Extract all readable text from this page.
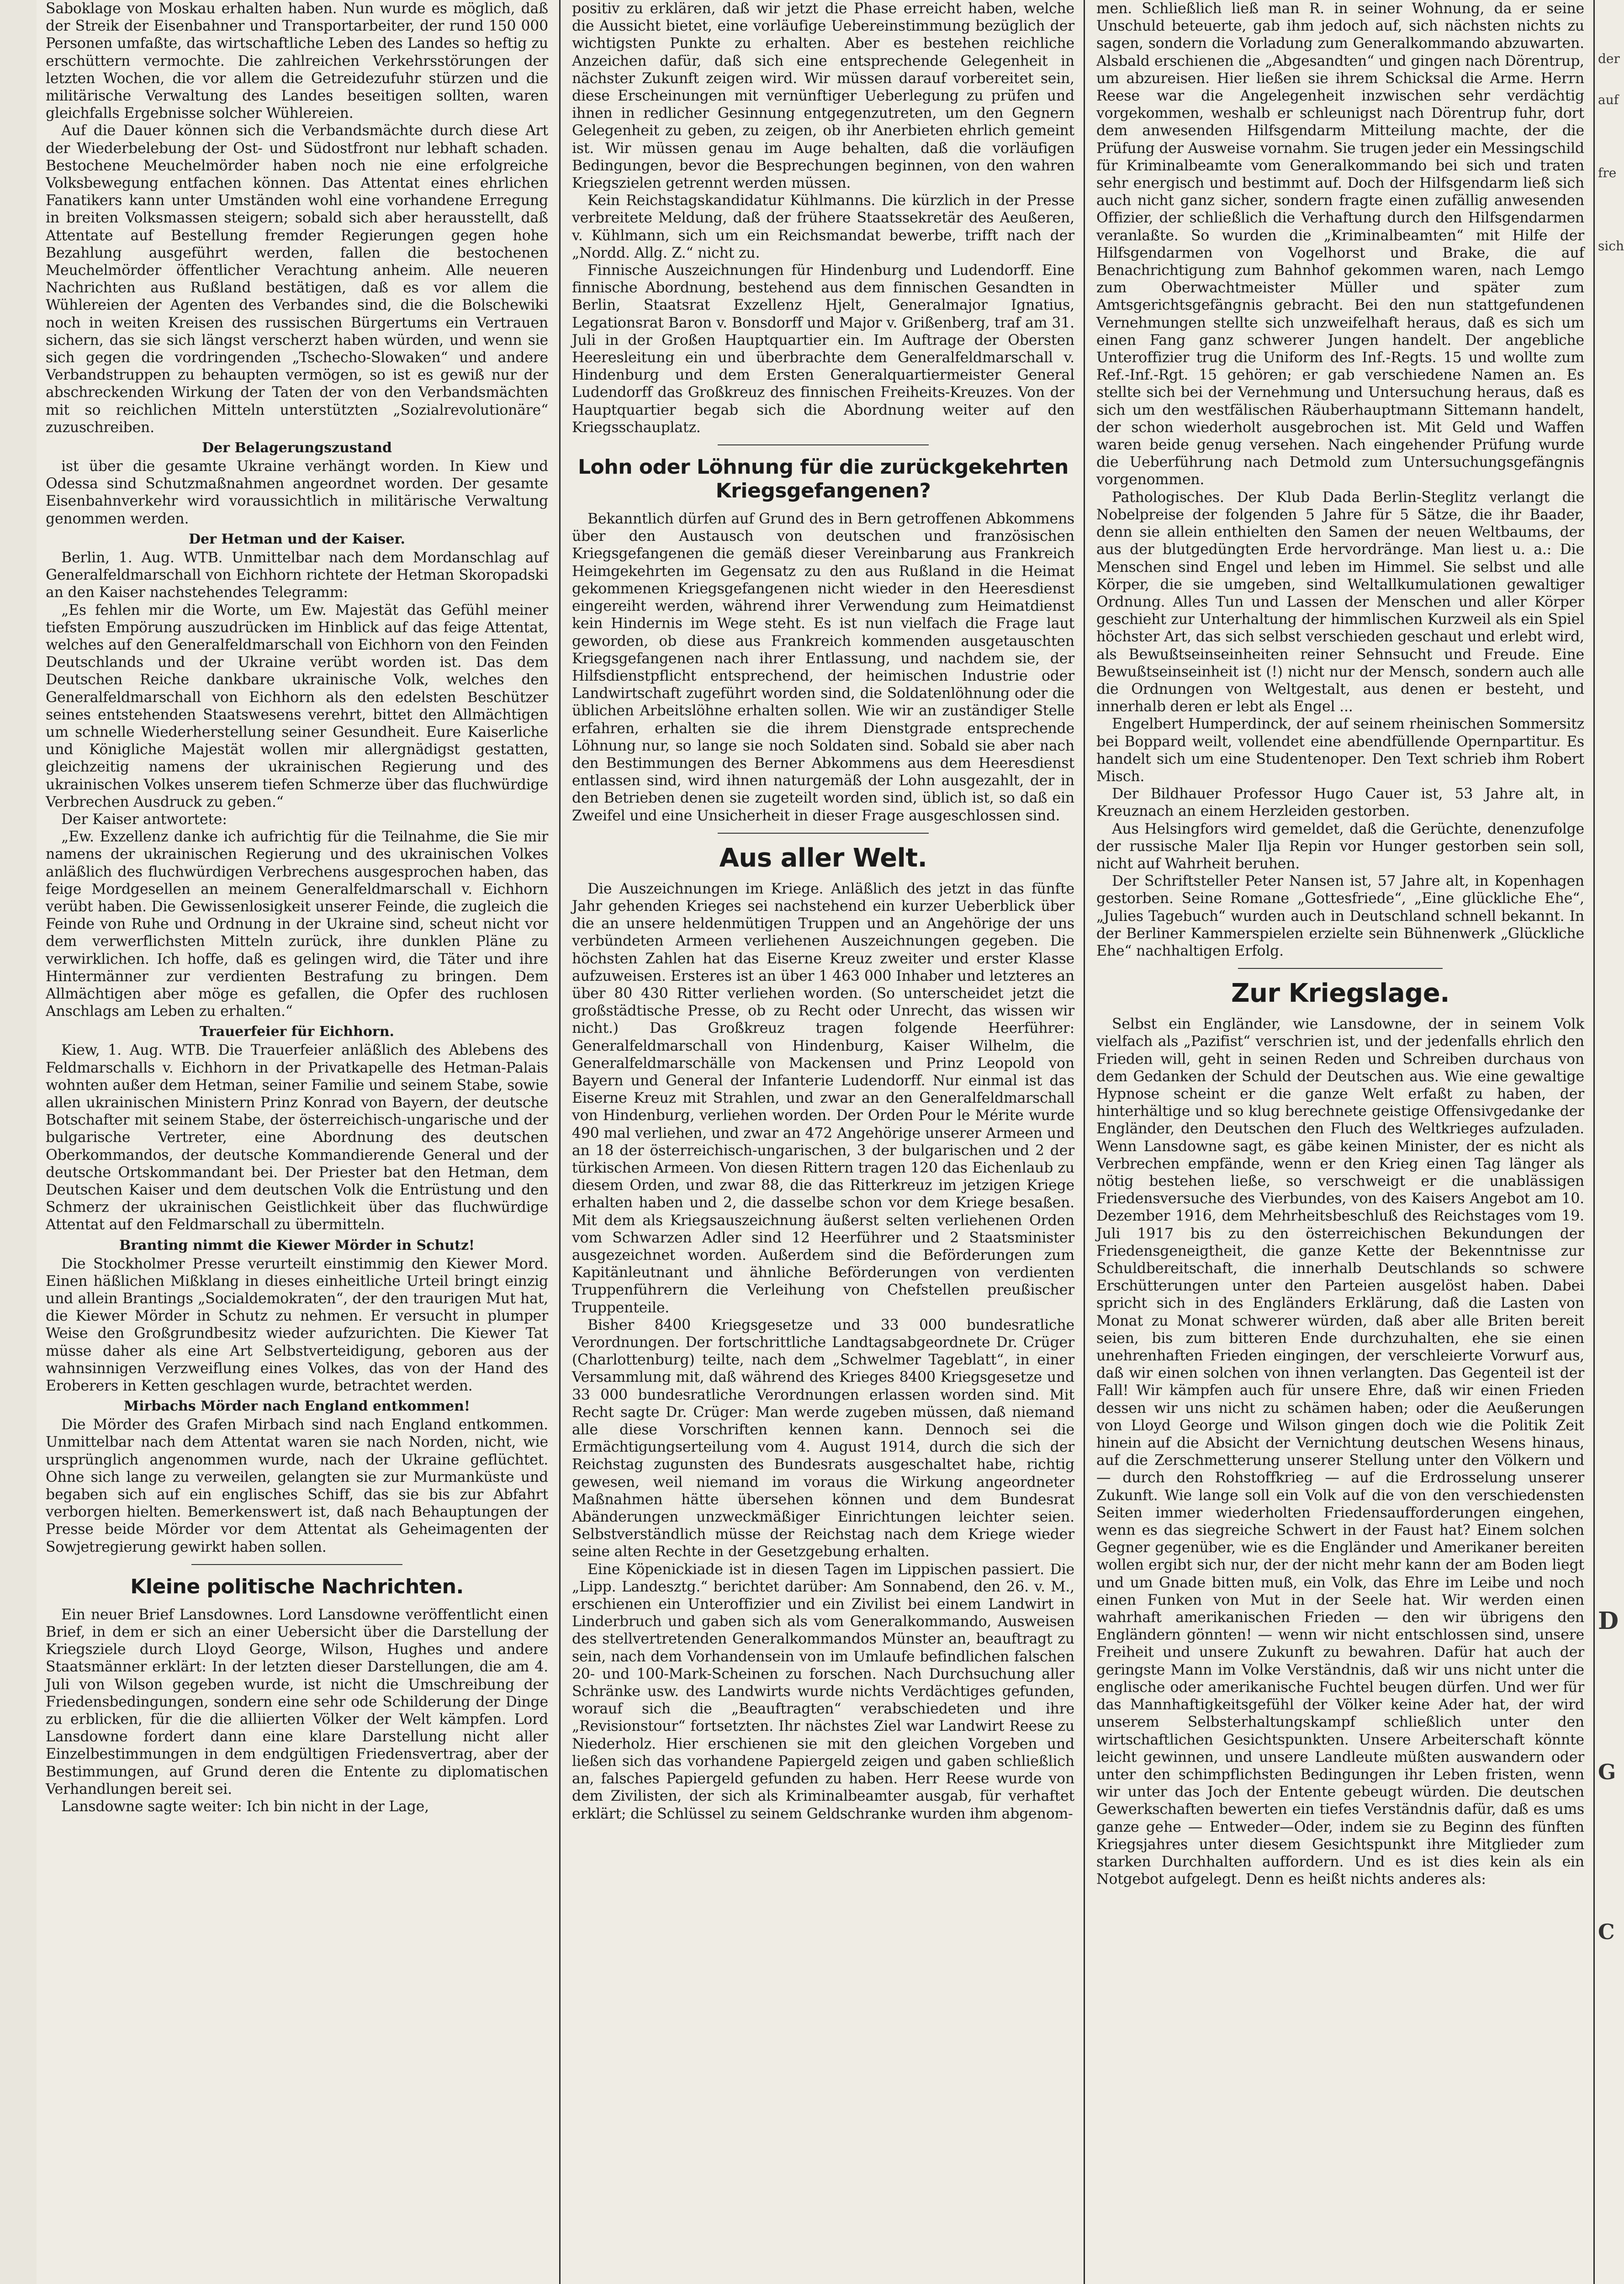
Saboklage von Moskau erhalten haben. Nun wurde es möglich, daß der Streik der Eisenbahner und Transportarbeiter, der rund 150 000 Personen umfaßte, das wirtschaftliche Leben des Landes so heftig zu erschüttern vermochte. Die zahlreichen Verkehrsstörungen der letzten Wochen, die vor allem die Getreidezufuhr stürzen und die militärische Verwaltung des Landes beseitigen sollten, waren gleichfalls Ergebnisse solcher Wühlereien.

Auf die Dauer können sich die Verbandsmächte durch diese Art der Wiederbelebung der Ost- und Südostfront nur lebhaft schaden. Bestochene Meuchelmörder haben noch nie eine erfolgreiche Volksbewegung entfachen können. Das Attentat eines ehrlichen Fanatikers kann unter Umständen wohl eine vorhandene Erregung in breiten Volksmassen steigern; sobald sich aber herausstellt, daß Attentate auf Bestellung fremder Regierungen gegen hohe Bezahlung ausgeführt werden, fallen die bestochenen Meuchelmörder öffentlicher Verachtung anheim. Alle neueren Nachrichten aus Rußland bestätigen, daß es vor allem die Wühlereien der Agenten des Verbandes sind, die die Bolschewiki noch in weiten Kreisen des russischen Bürgertums ein Vertrauen sichern, das sie sich längst verscherzt haben würden, und wenn sie sich gegen die vordringenden „Tschecho-Slowaken“ und andere Verbandstruppen zu behaupten vermögen, so ist es gewiß nur der abschreckenden Wirkung der Taten der von den Verbandsmächten mit so reichlichen Mitteln unterstützten „Sozialrevolutionäre“ zuzuschreiben.

Der Belagerungszustand

ist über die gesamte Ukraine verhängt worden. In Kiew und Odessa sind Schutzmaßnahmen angeordnet worden. Der gesamte Eisenbahnverkehr wird voraussichtlich in militärische Verwaltung genommen werden.

Der Hetman und der Kaiser.

Berlin, 1. Aug. WTB. Unmittelbar nach dem Mordanschlag auf Generalfeldmarschall von Eichhorn richtete der Hetman Skoropadski an den Kaiser nachstehendes Telegramm:

„Es fehlen mir die Worte, um Ew. Majestät das Gefühl meiner tiefsten Empörung auszudrücken im Hinblick auf das feige Attentat, welches auf den Generalfeldmarschall von Eichhorn von den Feinden Deutschlands und der Ukraine verübt worden ist. Das dem Deutschen Reiche dankbare ukrainische Volk, welches den Generalfeldmarschall von Eichhorn als den edelsten Beschützer seines entstehenden Staatswesens verehrt, bittet den Allmächtigen um schnelle Wiederherstellung seiner Gesundheit. Eure Kaiserliche und Königliche Majestät wollen mir allergnädigst gestatten, gleichzeitig namens der ukrainischen Regierung und des ukrainischen Volkes unserem tiefen Schmerze über das fluchwürdige Verbrechen Ausdruck zu geben.“

Der Kaiser antwortete:

„Ew. Exzellenz danke ich aufrichtig für die Teilnahme, die Sie mir namens der ukrainischen Regierung und des ukrainischen Volkes anläßlich des fluchwürdigen Verbrechens ausgesprochen haben, das feige Mordgesellen an meinem Generalfeldmarschall v. Eichhorn verübt haben. Die Gewissenlosigkeit unserer Feinde, die zugleich die Feinde von Ruhe und Ordnung in der Ukraine sind, scheut nicht vor dem verwerflichsten Mitteln zurück, ihre dunklen Pläne zu verwirklichen. Ich hoffe, daß es gelingen wird, die Täter und ihre Hintermänner zur verdienten Bestrafung zu bringen. Dem Allmächtigen aber möge es gefallen, die Opfer des ruchlosen Anschlags am Leben zu erhalten.“

Trauerfeier für Eichhorn.

Kiew, 1. Aug. WTB. Die Trauerfeier anläßlich des Ablebens des Feldmarschalls v. Eichhorn in der Privatkapelle des Hetman-Palais wohnten außer dem Hetman, seiner Familie und seinem Stabe, sowie allen ukrainischen Ministern Prinz Konrad von Bayern, der deutsche Botschafter mit seinem Stabe, der österreichisch-ungarische und der bulgarische Vertreter, eine Abordnung des deutschen Oberkommandos, der deutsche Kommandierende General und der deutsche Ortskommandant bei. Der Priester bat den Hetman, dem Deutschen Kaiser und dem deutschen Volk die Entrüstung und den Schmerz der ukrainischen Geistlichkeit über das fluchwürdige Attentat auf den Feldmarschall zu übermitteln.

Branting nimmt die Kiewer Mörder in Schutz!

Die Stockholmer Presse verurteilt einstimmig den Kiewer Mord. Einen häßlichen Mißklang in dieses einheitliche Urteil bringt einzig und allein Brantings „Socialdemokraten“, der den traurigen Mut hat, die Kiewer Mörder in Schutz zu nehmen. Er versucht in plumper Weise den Großgrundbesitz wieder aufzurichten. Die Kiewer Tat müsse daher als eine Art Selbstverteidigung, geboren aus der wahnsinnigen Verzweiflung eines Volkes, das von der Hand des Eroberers in Ketten geschlagen wurde, betrachtet werden.

Mirbachs Mörder nach England entkommen!

Die Mörder des Grafen Mirbach sind nach England entkommen. Unmittelbar nach dem Attentat waren sie nach Norden, nicht, wie ursprünglich angenommen wurde, nach der Ukraine geflüchtet. Ohne sich lange zu verweilen, gelangten sie zur Murmanküste und begaben sich auf ein englisches Schiff, das sie bis zur Abfahrt verborgen hielten. Bemerkenswert ist, daß nach Behauptungen der Presse beide Mörder vor dem Attentat als Geheimagenten der Sowjetregierung gewirkt haben sollen.

Kleine politische Nachrichten.

Ein neuer Brief Lansdownes. Lord Lansdowne veröffentlicht einen Brief, in dem er sich an einer Uebersicht über die Darstellung der Kriegsziele durch Lloyd George, Wilson, Hughes und andere Staatsmänner erklärt: In der letzten dieser Darstellungen, die am 4. Juli von Wilson gegeben wurde, ist nicht die Umschreibung der Friedensbedingungen, sondern eine sehr ode Schilderung der Dinge zu erblicken, für die die alliierten Völker der Welt kämpfen. Lord Lansdowne fordert dann eine klare Darstellung nicht aller Einzelbestimmungen in dem endgültigen Friedensvertrag, aber der Bestimmungen, auf Grund deren die Entente zu diplomatischen Verhandlungen bereit sei.

Lansdowne sagte weiter: Ich bin nicht in der Lage,

positiv zu erklären, daß wir jetzt die Phase erreicht haben, welche die Aussicht bietet, eine vorläufige Uebereinstimmung bezüglich der wichtigsten Punkte zu erhalten. Aber es bestehen reichliche Anzeichen dafür, daß sich eine entsprechende Gelegenheit in nächster Zukunft zeigen wird. Wir müssen darauf vorbereitet sein, diese Erscheinungen mit vernünftiger Ueberlegung zu prüfen und ihnen in redlicher Gesinnung entgegenzutreten, um den Gegnern Gelegenheit zu geben, zu zeigen, ob ihr Anerbieten ehrlich gemeint ist. Wir müssen genau im Auge behalten, daß die vorläufigen Bedingungen, bevor die Besprechungen beginnen, von den wahren Kriegszielen getrennt werden müssen.

Kein Reichstagskandidatur Kühlmanns. Die kürzlich in der Presse verbreitete Meldung, daß der frühere Staatssekretär des Aeußeren, v. Kühlmann, sich um ein Reichsmandat bewerbe, trifft nach der „Nordd. Allg. Z.“ nicht zu.

Finnische Auszeichnungen für Hindenburg und Ludendorff. Eine finnische Abordnung, bestehend aus dem finnischen Gesandten in Berlin, Staatsrat Exzellenz Hjelt, Generalmajor Ignatius, Legationsrat Baron v. Bonsdorff und Major v. Grißenberg, traf am 31. Juli in der Großen Hauptquartier ein. Im Auftrage der Obersten Heeresleitung ein und überbrachte dem Generalfeldmarschall v. Hindenburg und dem Ersten Generalquartiermeister General Ludendorff das Großkreuz des finnischen Freiheits-Kreuzes. Von der Hauptquartier begab sich die Abordnung weiter auf den Kriegsschauplatz.

Lohn oder Löhnung für die zurückgekehrten Kriegsgefangenen?

Bekanntlich dürfen auf Grund des in Bern getroffenen Abkommens über den Austausch von deutschen und französischen Kriegsgefangenen die gemäß dieser Vereinbarung aus Frankreich Heimgekehrten im Gegensatz zu den aus Rußland in die Heimat gekommenen Kriegsgefangenen nicht wieder in den Heeresdienst eingereiht werden, während ihrer Verwendung zum Heimatdienst kein Hindernis im Wege steht. Es ist nun vielfach die Frage laut geworden, ob diese aus Frankreich kommenden ausgetauschten Kriegsgefangenen nach ihrer Entlassung, und nachdem sie, der Hilfsdienstpflicht entsprechend, der heimischen Industrie oder Landwirtschaft zugeführt worden sind, die Soldatenlöhnung oder die üblichen Arbeitslöhne erhalten sollen. Wie wir an zuständiger Stelle erfahren, erhalten sie die ihrem Dienstgrade entsprechende Löhnung nur, so lange sie noch Soldaten sind. Sobald sie aber nach den Bestimmungen des Berner Abkommens aus dem Heeresdienst entlassen sind, wird ihnen naturgemäß der Lohn ausgezahlt, der in den Betrieben denen sie zugeteilt worden sind, üblich ist, so daß ein Zweifel und eine Unsicherheit in dieser Frage ausgeschlossen sind.

Aus aller Welt.

Die Auszeichnungen im Kriege. Anläßlich des jetzt in das fünfte Jahr gehenden Krieges sei nachstehend ein kurzer Ueberblick über die an unsere heldenmütigen Truppen und an Angehörige der uns verbündeten Armeen verliehenen Auszeichnungen gegeben. Die höchsten Zahlen hat das Eiserne Kreuz zweiter und erster Klasse aufzuweisen. Ersteres ist an über 1 463 000 Inhaber und letzteres an über 80 430 Ritter verliehen worden. (So unterscheidet jetzt die großstädtische Presse, ob zu Recht oder Unrecht, das wissen wir nicht.) Das Großkreuz tragen folgende Heerführer: Generalfeldmarschall von Hindenburg, Kaiser Wilhelm, die Generalfeldmarschälle von Mackensen und Prinz Leopold von Bayern und General der Infanterie Ludendorff. Nur einmal ist das Eiserne Kreuz mit Strahlen, und zwar an den Generalfeldmarschall von Hindenburg, verliehen worden. Der Orden Pour le Mérite wurde 490 mal verliehen, und zwar an 472 Angehörige unserer Armeen und an 18 der österreichisch-ungarischen, 3 der bulgarischen und 2 der türkischen Armeen. Von diesen Rittern tragen 120 das Eichenlaub zu diesem Orden, und zwar 88, die das Ritterkreuz im jetzigen Kriege erhalten haben und 2, die dasselbe schon vor dem Kriege besaßen. Mit dem als Kriegsauszeichnung äußerst selten verliehenen Orden vom Schwarzen Adler sind 12 Heerführer und 2 Staatsminister ausgezeichnet worden. Außerdem sind die Beförderungen zum Kapitänleutnant und ähnliche Beförderungen von verdienten Truppenführern die Verleihung von Chefstellen preußischer Truppenteile.

Bisher 8400 Kriegsgesetze und 33 000 bundesratliche Verordnungen. Der fortschrittliche Landtagsabgeordnete Dr. Crüger (Charlottenburg) teilte, nach dem „Schwelmer Tageblatt“, in einer Versammlung mit, daß während des Krieges 8400 Kriegsgesetze und 33 000 bundesratliche Verordnungen erlassen worden sind. Mit Recht sagte Dr. Crüger: Man werde zugeben müssen, daß niemand alle diese Vorschriften kennen kann. Dennoch sei die Ermächtigungserteilung vom 4. August 1914, durch die sich der Reichstag zugunsten des Bundesrats ausgeschaltet habe, richtig gewesen, weil niemand im voraus die Wirkung angeordneter Maßnahmen hätte übersehen können und dem Bundesrat Abänderungen unzweckmäßiger Einrichtungen leichter seien. Selbstverständlich müsse der Reichstag nach dem Kriege wieder seine alten Rechte in der Gesetzgebung erhalten.

Eine Köpenickiade ist in diesen Tagen im Lippischen passiert. Die „Lipp. Landesztg.“ berichtet darüber: Am Sonnabend, den 26. v. M., erschienen ein Unteroffizier und ein Zivilist bei einem Landwirt in Linderbruch und gaben sich als vom Generalkommando, Ausweisen des stellvertretenden Generalkommandos Münster an, beauftragt zu sein, nach dem Vorhandensein von im Umlaufe befindlichen falschen 20- und 100-Mark-Scheinen zu forschen. Nach Durchsuchung aller Schränke usw. des Landwirts wurde nichts Verdächtiges gefunden, worauf sich die „Beauftragten“ verabschiedeten und ihre „Revisionstour“ fortsetzten. Ihr nächstes Ziel war Landwirt Reese zu Niederholz. Hier erschienen sie mit den gleichen Vorgeben und ließen sich das vorhandene Papiergeld zeigen und gaben schließlich an, falsches Papiergeld gefunden zu haben. Herr Reese wurde von dem Zivilisten, der sich als Kriminalbeamter ausgab, für verhaftet erklärt; die Schlüssel zu seinem Geldschranke wurden ihm abgenom-

men. Schließlich ließ man R. in seiner Wohnung, da er seine Unschuld beteuerte, gab ihm jedoch auf, sich nächsten nichts zu sagen, sondern die Vorladung zum Generalkommando abzuwarten. Alsbald erschienen die „Abgesandten“ und gingen nach Dörentrup, um abzureisen. Hier ließen sie ihrem Schicksal die Arme. Herrn Reese war die Angelegenheit inzwischen sehr verdächtig vorgekommen, weshalb er schleunigst nach Dörentrup fuhr, dort dem anwesenden Hilfsgendarm Mitteilung machte, der die Prüfung der Ausweise vornahm. Sie trugen jeder ein Messingschild für Kriminalbeamte vom Generalkommando bei sich und traten sehr energisch und bestimmt auf. Doch der Hilfsgendarm ließ sich auch nicht ganz sicher, sondern fragte einen zufällig anwesenden Offizier, der schließlich die Verhaftung durch den Hilfsgendarmen veranlaßte. So wurden die „Kriminalbeamten“ mit Hilfe der Hilfsgendarmen von Vogelhorst und Brake, die auf Benachrichtigung zum Bahnhof gekommen waren, nach Lemgo zum Oberwachtmeister Müller und später zum Amtsgerichtsgefängnis gebracht. Bei den nun stattgefundenen Vernehmungen stellte sich unzweifelhaft heraus, daß es sich um einen Fang ganz schwerer Jungen handelt. Der angebliche Unteroffizier trug die Uniform des Inf.-Regts. 15 und wollte zum Ref.-Inf.-Rgt. 15 gehören; er gab verschiedene Namen an. Es stellte sich bei der Vernehmung und Untersuchung heraus, daß es sich um den westfälischen Räuberhauptmann Sittemann handelt, der schon wiederholt ausgebrochen ist. Mit Geld und Waffen waren beide genug versehen. Nach eingehender Prüfung wurde die Ueberführung nach Detmold zum Untersuchungsgefängnis vorgenommen.

Pathologisches. Der Klub Dada Berlin-Steglitz verlangt die Nobelpreise der folgenden 5 Jahre für 5 Sätze, die ihr Baader, denn sie allein enthielten den Samen der neuen Weltbaums, der aus der blutgedüngten Erde hervordränge. Man liest u. a.: Die Menschen sind Engel und leben im Himmel. Sie selbst und alle Körper, die sie umgeben, sind Weltallkumulationen gewaltiger Ordnung. Alles Tun und Lassen der Menschen und aller Körper geschieht zur Unterhaltung der himmlischen Kurzweil als ein Spiel höchster Art, das sich selbst verschieden geschaut und erlebt wird, als Bewußtseinseinheiten reiner Sehnsucht und Freude. Eine Bewußtseinseinheit ist (!) nicht nur der Mensch, sondern auch alle die Ordnungen von Weltgestalt, aus denen er besteht, und innerhalb deren er lebt als Engel ...

Engelbert Humperdinck, der auf seinem rheinischen Sommersitz bei Boppard weilt, vollendet eine abendfüllende Opernpartitur. Es handelt sich um eine Studentenoper. Den Text schrieb ihm Robert Misch.

Der Bildhauer Professor Hugo Cauer ist, 53 Jahre alt, in Kreuznach an einem Herzleiden gestorben.

Aus Helsingfors wird gemeldet, daß die Gerüchte, denenzufolge der russische Maler Ilja Repin vor Hunger gestorben sein soll, nicht auf Wahrheit beruhen.

Der Schriftsteller Peter Nansen ist, 57 Jahre alt, in Kopenhagen gestorben. Seine Romane „Gottesfriede“, „Eine glückliche Ehe“, „Julies Tagebuch“ wurden auch in Deutschland schnell bekannt. In der Berliner Kammerspielen erzielte sein Bühnenwerk „Glückliche Ehe“ nachhaltigen Erfolg.

Zur Kriegslage.

Selbst ein Engländer, wie Lansdowne, der in seinem Volk vielfach als „Pazifist“ verschrien ist, und der jedenfalls ehrlich den Frieden will, geht in seinen Reden und Schreiben durchaus von dem Gedanken der Schuld der Deutschen aus. Wie eine gewaltige Hypnose scheint er die ganze Welt erfaßt zu haben, der hinterhältige und so klug berechnete geistige Offensivgedanke der Engländer, den Deutschen den Fluch des Weltkrieges aufzuladen. Wenn Lansdowne sagt, es gäbe keinen Minister, der es nicht als Verbrechen empfände, wenn er den Krieg einen Tag länger als nötig bestehen ließe, so verschweigt er die unablässigen Friedensversuche des Vierbundes, von des Kaisers Angebot am 10. Dezember 1916, dem Mehrheitsbeschluß des Reichstages vom 19. Juli 1917 bis zu den österreichischen Bekundungen der Friedensgeneigtheit, die ganze Kette der Bekenntnisse zur Schuldbereitschaft, die innerhalb Deutschlands so schwere Erschütterungen unter den Parteien ausgelöst haben. Dabei spricht sich in des Engländers Erklärung, daß die Lasten von Monat zu Monat schwerer würden, daß aber alle Briten bereit seien, bis zum bitteren Ende durchzuhalten, ehe sie einen unehrenhaften Frieden eingingen, der verschleierte Vorwurf aus, daß wir einen solchen von ihnen verlangten. Das Gegenteil ist der Fall! Wir kämpfen auch für unsere Ehre, daß wir einen Frieden dessen wir uns nicht zu schämen haben; oder die Aeußerungen von Lloyd George und Wilson gingen doch wie die Politik Zeit hinein auf die Absicht der Vernichtung deutschen Wesens hinaus, auf die Zerschmetterung unserer Stellung unter den Völkern und — durch den Rohstoffkrieg — auf die Erdrosselung unserer Zukunft. Wie lange soll ein Volk auf die von den verschiedensten Seiten immer wiederholten Friedensaufforderungen eingehen, wenn es das siegreiche Schwert in der Faust hat? Einem solchen Gegner gegenüber, wie es die Engländer und Amerikaner bereiten wollen ergibt sich nur, der der nicht mehr kann der am Boden liegt und um Gnade bitten muß, ein Volk, das Ehre im Leibe und noch einen Funken von Mut in der Seele hat. Wir werden einen wahrhaft amerikanischen Frieden — den wir übrigens den Engländern gönnten! — wenn wir nicht entschlossen sind, unsere Freiheit und unsere Zukunft zu bewahren. Dafür hat auch der geringste Mann im Volke Verständnis, daß wir uns nicht unter die englische oder amerikanische Fuchtel beugen dürfen. Und wer für das Mannhaftigkeitsgefühl der Völker keine Ader hat, der wird unserem Selbsterhaltungskampf schließlich unter den wirtschaftlichen Gesichtspunkten. Unsere Arbeiterschaft könnte leicht gewinnen, und unsere Landleute müßten auswandern oder unter den schimpflichsten Bedingungen ihr Leben fristen, wenn wir unter das Joch der Entente gebeugt würden. Die deutschen Gewerkschaften bewerten ein tiefes Verständnis dafür, daß es ums ganze gehe — Entweder—Oder, indem sie zu Beginn des fünften Kriegsjahres unter diesem Gesichtspunkt ihre Mitglieder zum starken Durchhalten auffordern. Und es ist dies kein als ein Notgebot aufgelegt. Denn es heißt nichts anderes als:

der
auf
fre
sich
D
G
C
